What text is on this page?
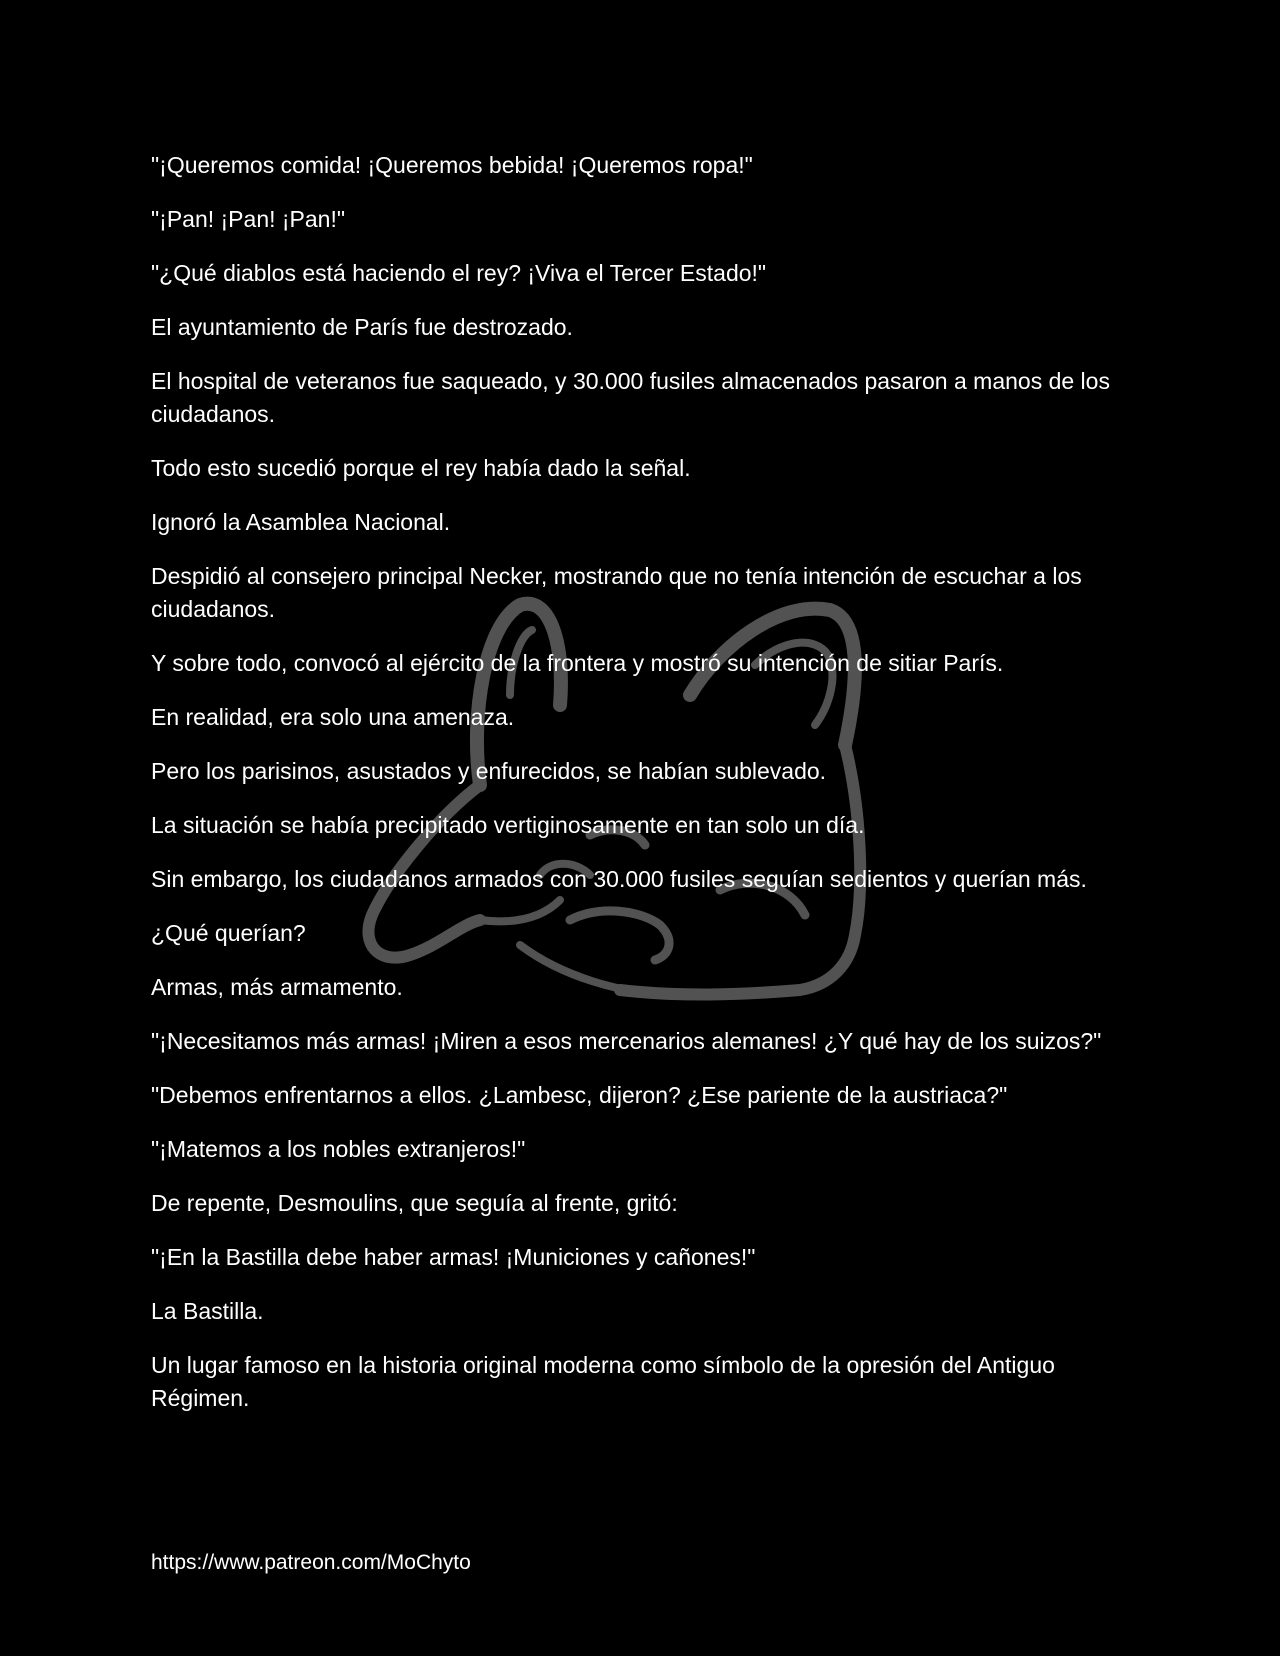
"¡Queremos comida! ¡Queremos bebida! ¡Queremos ropa!"

"¡Pan! ¡Pan! ¡Pan!"

"¿Qué diablos está haciendo el rey? ¡Viva el Tercer Estado!"

El ayuntamiento de París fue destrozado.

El hospital de veteranos fue saqueado, y 30.000 fusiles almacenados pasaron a manos de los ciudadanos.

Todo esto sucedió porque el rey había dado la señal.

Ignoró la Asamblea Nacional.

Despidió al consejero principal Necker, mostrando que no tenía intención de escuchar a los ciudadanos.

Y sobre todo, convocó al ejército de la frontera y mostró su intención de sitiar París.

En realidad, era solo una amenaza.

Pero los parisinos, asustados y enfurecidos, se habían sublevado.

La situación se había precipitado vertiginosamente en tan solo un día.

Sin embargo, los ciudadanos armados con 30.000 fusiles seguían sedientos y querían más.

¿Qué querían?

Armas, más armamento.

"¡Necesitamos más armas! ¡Miren a esos mercenarios alemanes! ¿Y qué hay de los suizos?"

"Debemos enfrentarnos a ellos. ¿Lambesc, dijeron? ¿Ese pariente de la austriaca?"

"¡Matemos a los nobles extranjeros!"

De repente, Desmoulins, que seguía al frente, gritó:

"¡En la Bastilla debe haber armas! ¡Municiones y cañones!"

La Bastilla.

Un lugar famoso en la historia original moderna como símbolo de la opresión del Antiguo Régimen.

https://www.patreon.com/MoChyto
